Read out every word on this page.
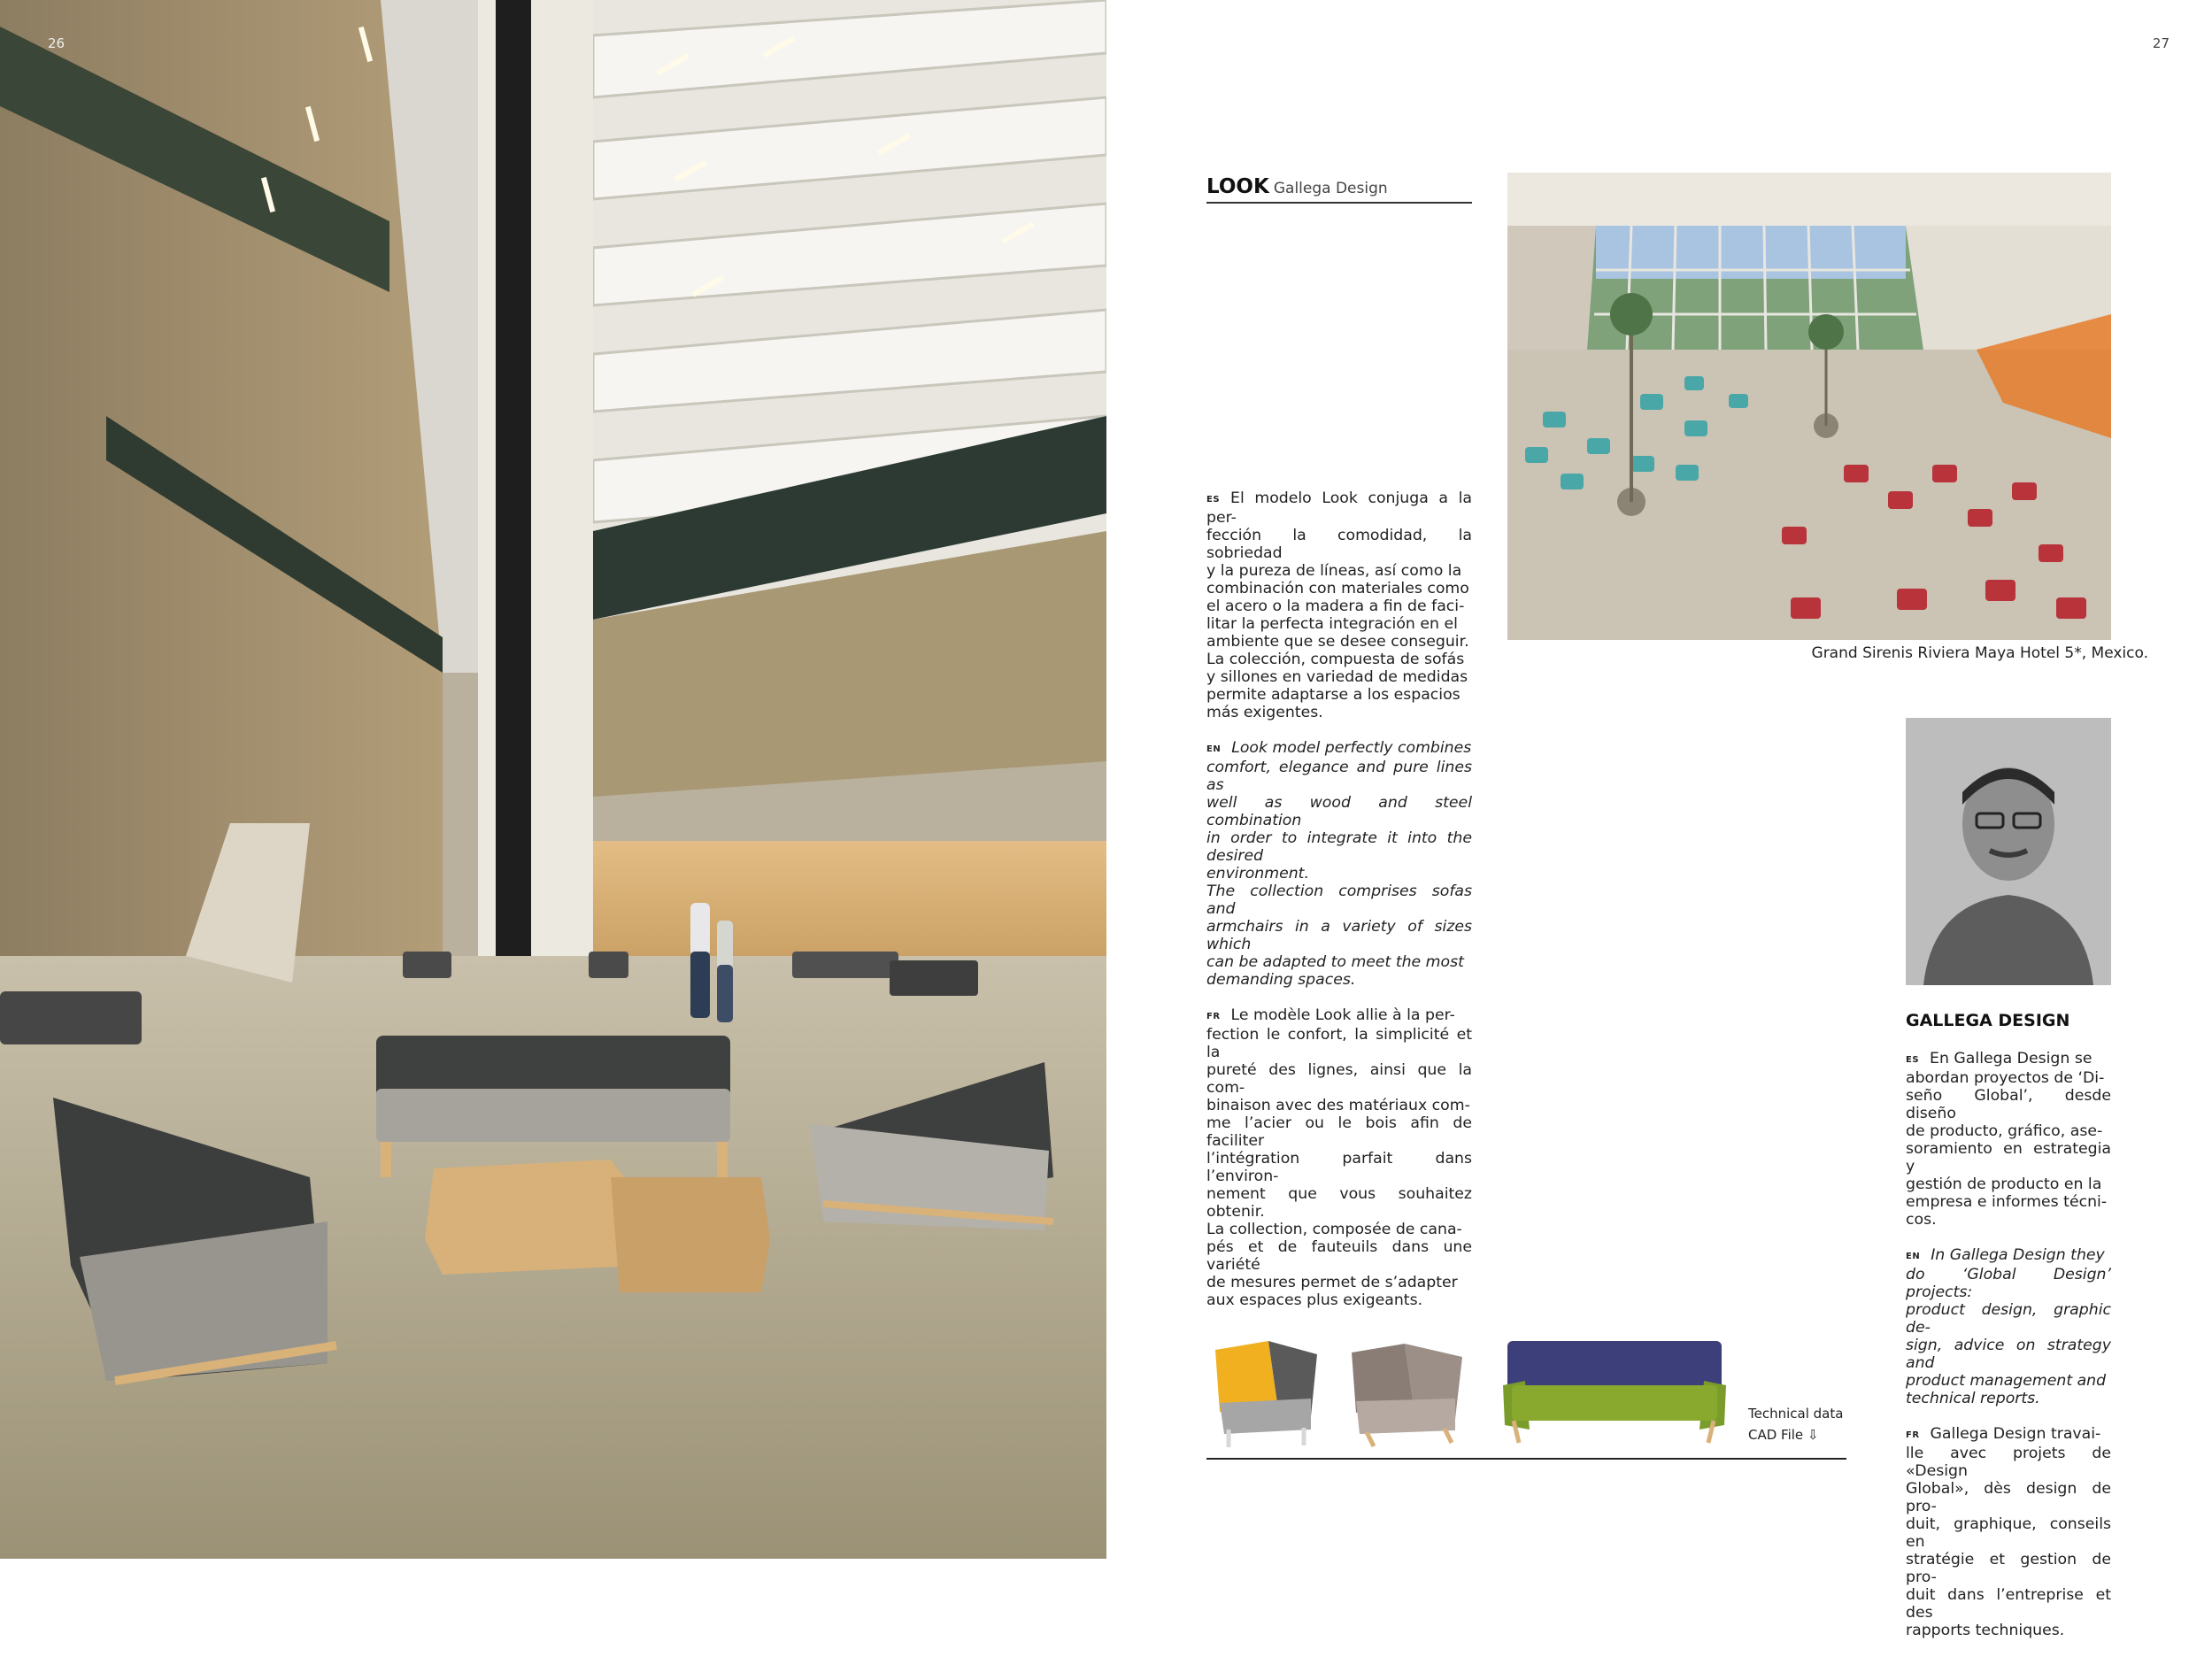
26	27
LOOK Gallega Design

ES El modelo Look conjuga a la per-
fección la comodidad, la sobriedad
y la pureza de líneas, así como la
combinación con materiales como
el acero o la madera a fin de faci-
litar la perfecta integración en el
ambiente que se desee conseguir.
La colección, compuesta de sofás
y sillones en variedad de medidas
permite adaptarse a los espacios
más exigentes.

EN Look model perfectly combines
comfort, elegance and pure lines as
well as wood and steel combination
in order to integrate it into the desired
environment.
The collection comprises sofas and
armchairs in a variety of sizes which
can be adapted to meet the most
demanding spaces.

FR Le modèle Look allie à la per-
fection le confort, la simplicité et la
pureté des lignes, ainsi que la com-
binaison avec des matériaux com-
me l’acier ou le bois afin de faciliter
l’intégration parfait dans l’environ-
nement que vous souhaitez obtenir.
La collection, composée de cana-
pés et de fauteuils dans une variété
de mesures permet de s’adapter
aux espaces plus exigeants.

Grand Sirenis Riviera Maya Hotel 5*, Mexico.
GALLEGA DESIGN

ES En Gallega Design se
abordan proyectos de ‘Di-
seño Global’, desde diseño
de producto, gráfico, ase-
soramiento en estrategia y
gestión de producto en la
empresa e informes técni-
cos.

EN In Gallega Design they
do ‘Global Design’ projects:
product design, graphic de-
sign, advice on strategy and
product management and
technical reports.

FR Gallega Design travai-
lle avec projets de «Design
Global», dès design de pro-
duit, graphique, conseils en
stratégie et gestion de pro-
duit dans l’entreprise et des
rapports techniques.

Technical data
CAD File ⇩
